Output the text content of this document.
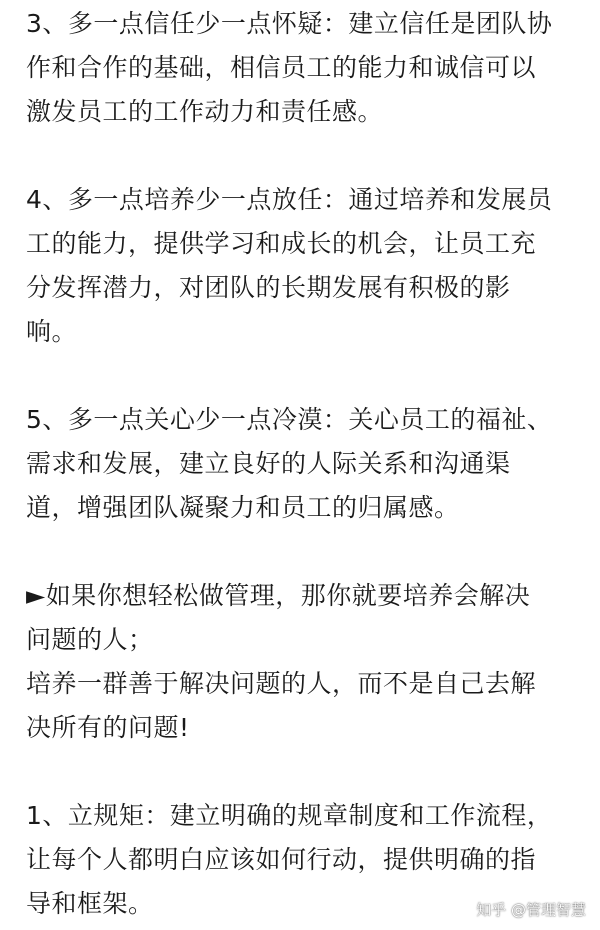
3、多一点信任少一点怀疑：建立信任是团队协
作和合作的基础，相信员工的能力和诚信可以
激发员工的工作动力和责任感。
4、多一点培养少一点放任：通过培养和发展员
工的能力，提供学习和成长的机会，让员工充
分发挥潜力，对团队的长期发展有积极的影
响。
5、多一点关心少一点冷漠：关心员工的福祉、
需求和发展，建立良好的人际关系和沟通渠
道，增强团队凝聚力和员工的归属感。
►如果你想轻松做管理，那你就要培养会解决
问题的人；
培养一群善于解决问题的人，而不是自己去解
决所有的问题!
1、立规矩：建立明确的规章制度和工作流程，
让每个人都明白应该如何行动，提供明确的指
导和框架。	知乎 @管理智慧
